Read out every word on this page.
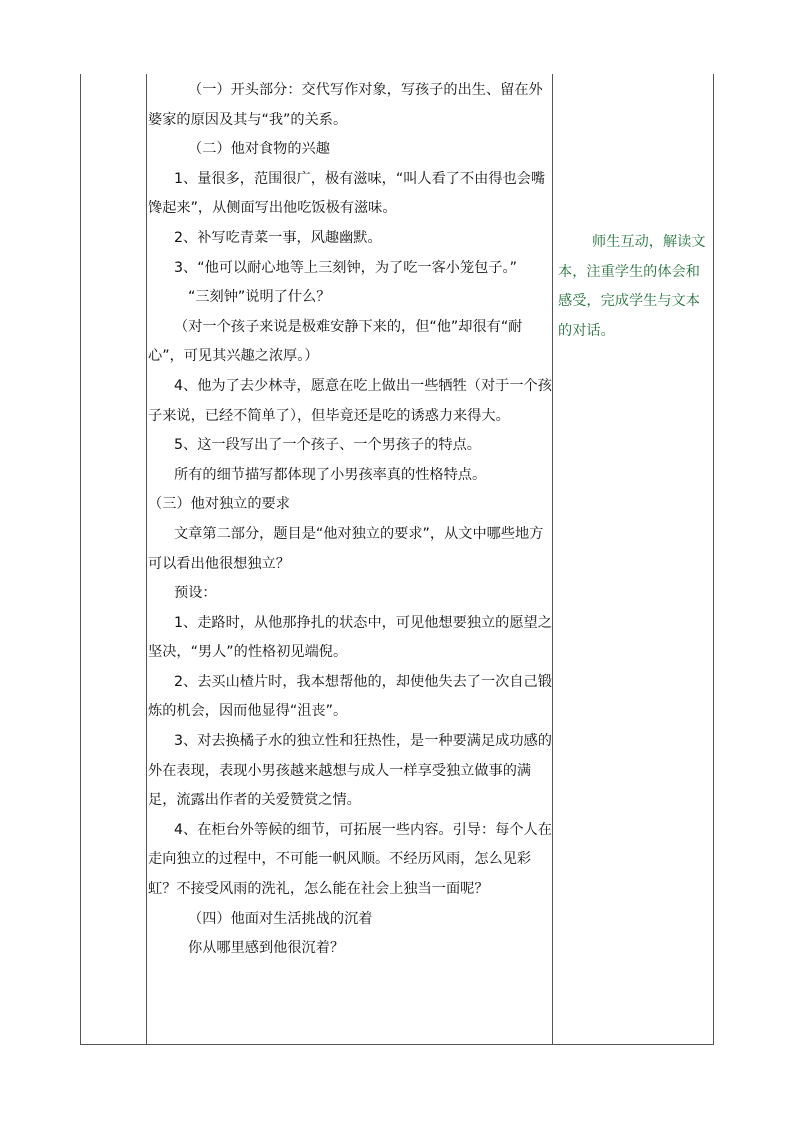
（一）开头部分：交代写作对象，写孩子的出生、留在外婆家的原因及其与“我”的关系。

（二）他对食物的兴趣

1、量很多，范围很广，极有滋味，“叫人看了不由得也会嘴馋起来”，从侧面写出他吃饭极有滋味。

2、补写吃青菜一事，风趣幽默。

3、“他可以耐心地等上三刻钟，为了吃一客小笼包子。”

“三刻钟”说明了什么？

（对一个孩子来说是极难安静下来的，但“他”却很有“耐心”，可见其兴趣之浓厚。）

4、他为了去少林寺，愿意在吃上做出一些牺牲（对于一个孩子来说，已经不简单了），但毕竟还是吃的诱惑力来得大。

5、这一段写出了一个孩子、一个男孩子的特点。

所有的细节描写都体现了小男孩率真的性格特点。

（三）他对独立的要求

文章第二部分，题目是“他对独立的要求”，从文中哪些地方可以看出他很想独立？

预设：

1、走路时，从他那挣扎的状态中，可见他想要独立的愿望之坚决，“男人”的性格初见端倪。

2、去买山楂片时，我本想帮他的，却使他失去了一次自己锻炼的机会，因而他显得“沮丧”。

3、对去换橘子水的独立性和狂热性，是一种要满足成功感的外在表现，表现小男孩越来越想与成人一样享受独立做事的满足，流露出作者的关爱赞赏之情。

4、在柜台外等候的细节，可拓展一些内容。引导：每个人在走向独立的过程中，不可能一帆风顺。不经历风雨，怎么见彩虹？不接受风雨的洗礼，怎么能在社会上独当一面呢？

（四）他面对生活挑战的沉着

你从哪里感到他很沉着？

师生互动，解读文本，注重学生的体会和感受，完成学生与文本的对话。
